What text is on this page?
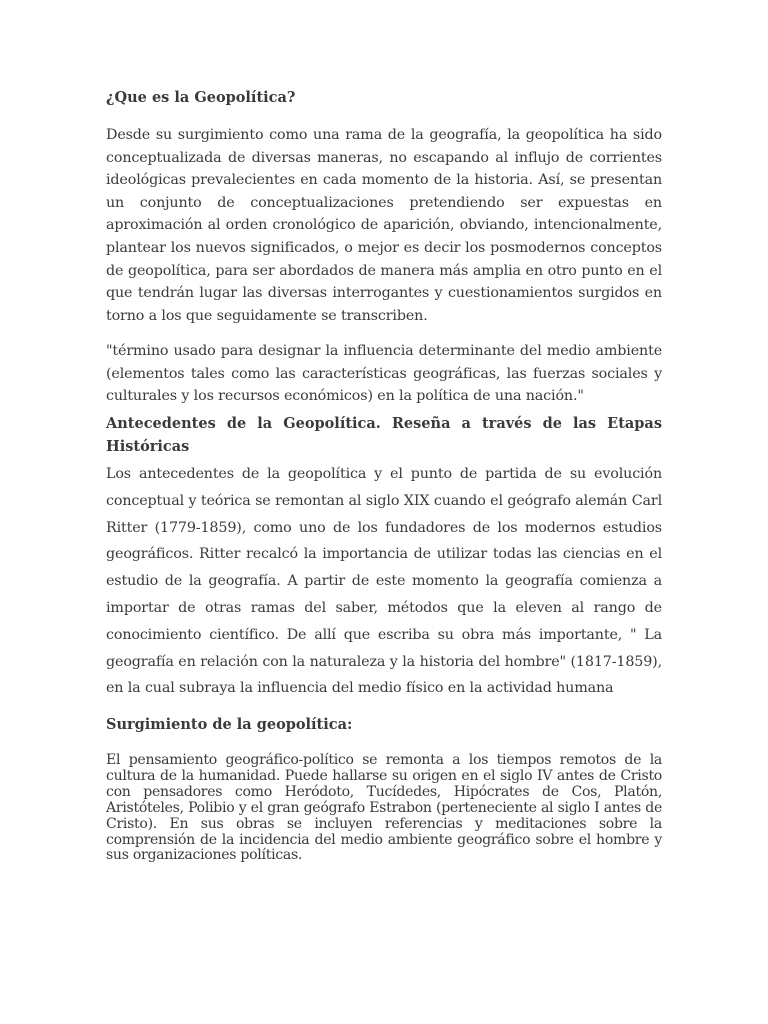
¿Que es la Geopolítica?
Desde su surgimiento como una rama de la geografía, la geopolítica ha sido conceptualizada de diversas maneras, no escapando al influjo de corrientes ideológicas prevalecientes en cada momento de la historia. Así, se presentan un conjunto de conceptualizaciones pretendiendo ser expuestas en aproximación al orden cronológico de aparición, obviando, intencionalmente, plantear los nuevos significados, o mejor es decir los posmodernos conceptos de geopolítica, para ser abordados de manera más amplia en otro punto en el que tendrán lugar las diversas interrogantes y cuestionamientos surgidos en torno a los que seguidamente se transcriben.
"término usado para designar la influencia determinante del medio ambiente (elementos tales como las características geográficas, las fuerzas sociales y culturales y los recursos económicos) en la política de una nación."
Antecedentes de la Geopolítica. Reseña a través de las Etapas Históricas
Los antecedentes de la geopolítica y el punto de partida de su evolución conceptual y teórica se remontan al siglo XIX cuando el geógrafo alemán Carl Ritter (1779-1859), como uno de los fundadores de los modernos estudios geográficos. Ritter recalcó la importancia de utilizar todas las ciencias en el estudio de la geografía. A partir de este momento la geografía comienza a importar de otras ramas del saber, métodos que la eleven al rango de conocimiento científico. De allí que escriba su obra más importante, " La geografía en relación con la naturaleza y la historia del hombre" (1817-1859), en la cual subraya la influencia del medio físico en la actividad humana
Surgimiento de la geopolítica:
El pensamiento geográfico-político se remonta a los tiempos remotos de la cultura de la humanidad. Puede hallarse su origen en el siglo IV antes de Cristo con pensadores como Heródoto, Tucídedes, Hipócrates de Cos, Platón, Aristóteles, Polibio y el gran geógrafo Estrabon (perteneciente al siglo I antes de Cristo). En sus obras se incluyen referencias y meditaciones sobre la comprensión de la incidencia del medio ambiente geográfico sobre el hombre y sus organizaciones políticas.
